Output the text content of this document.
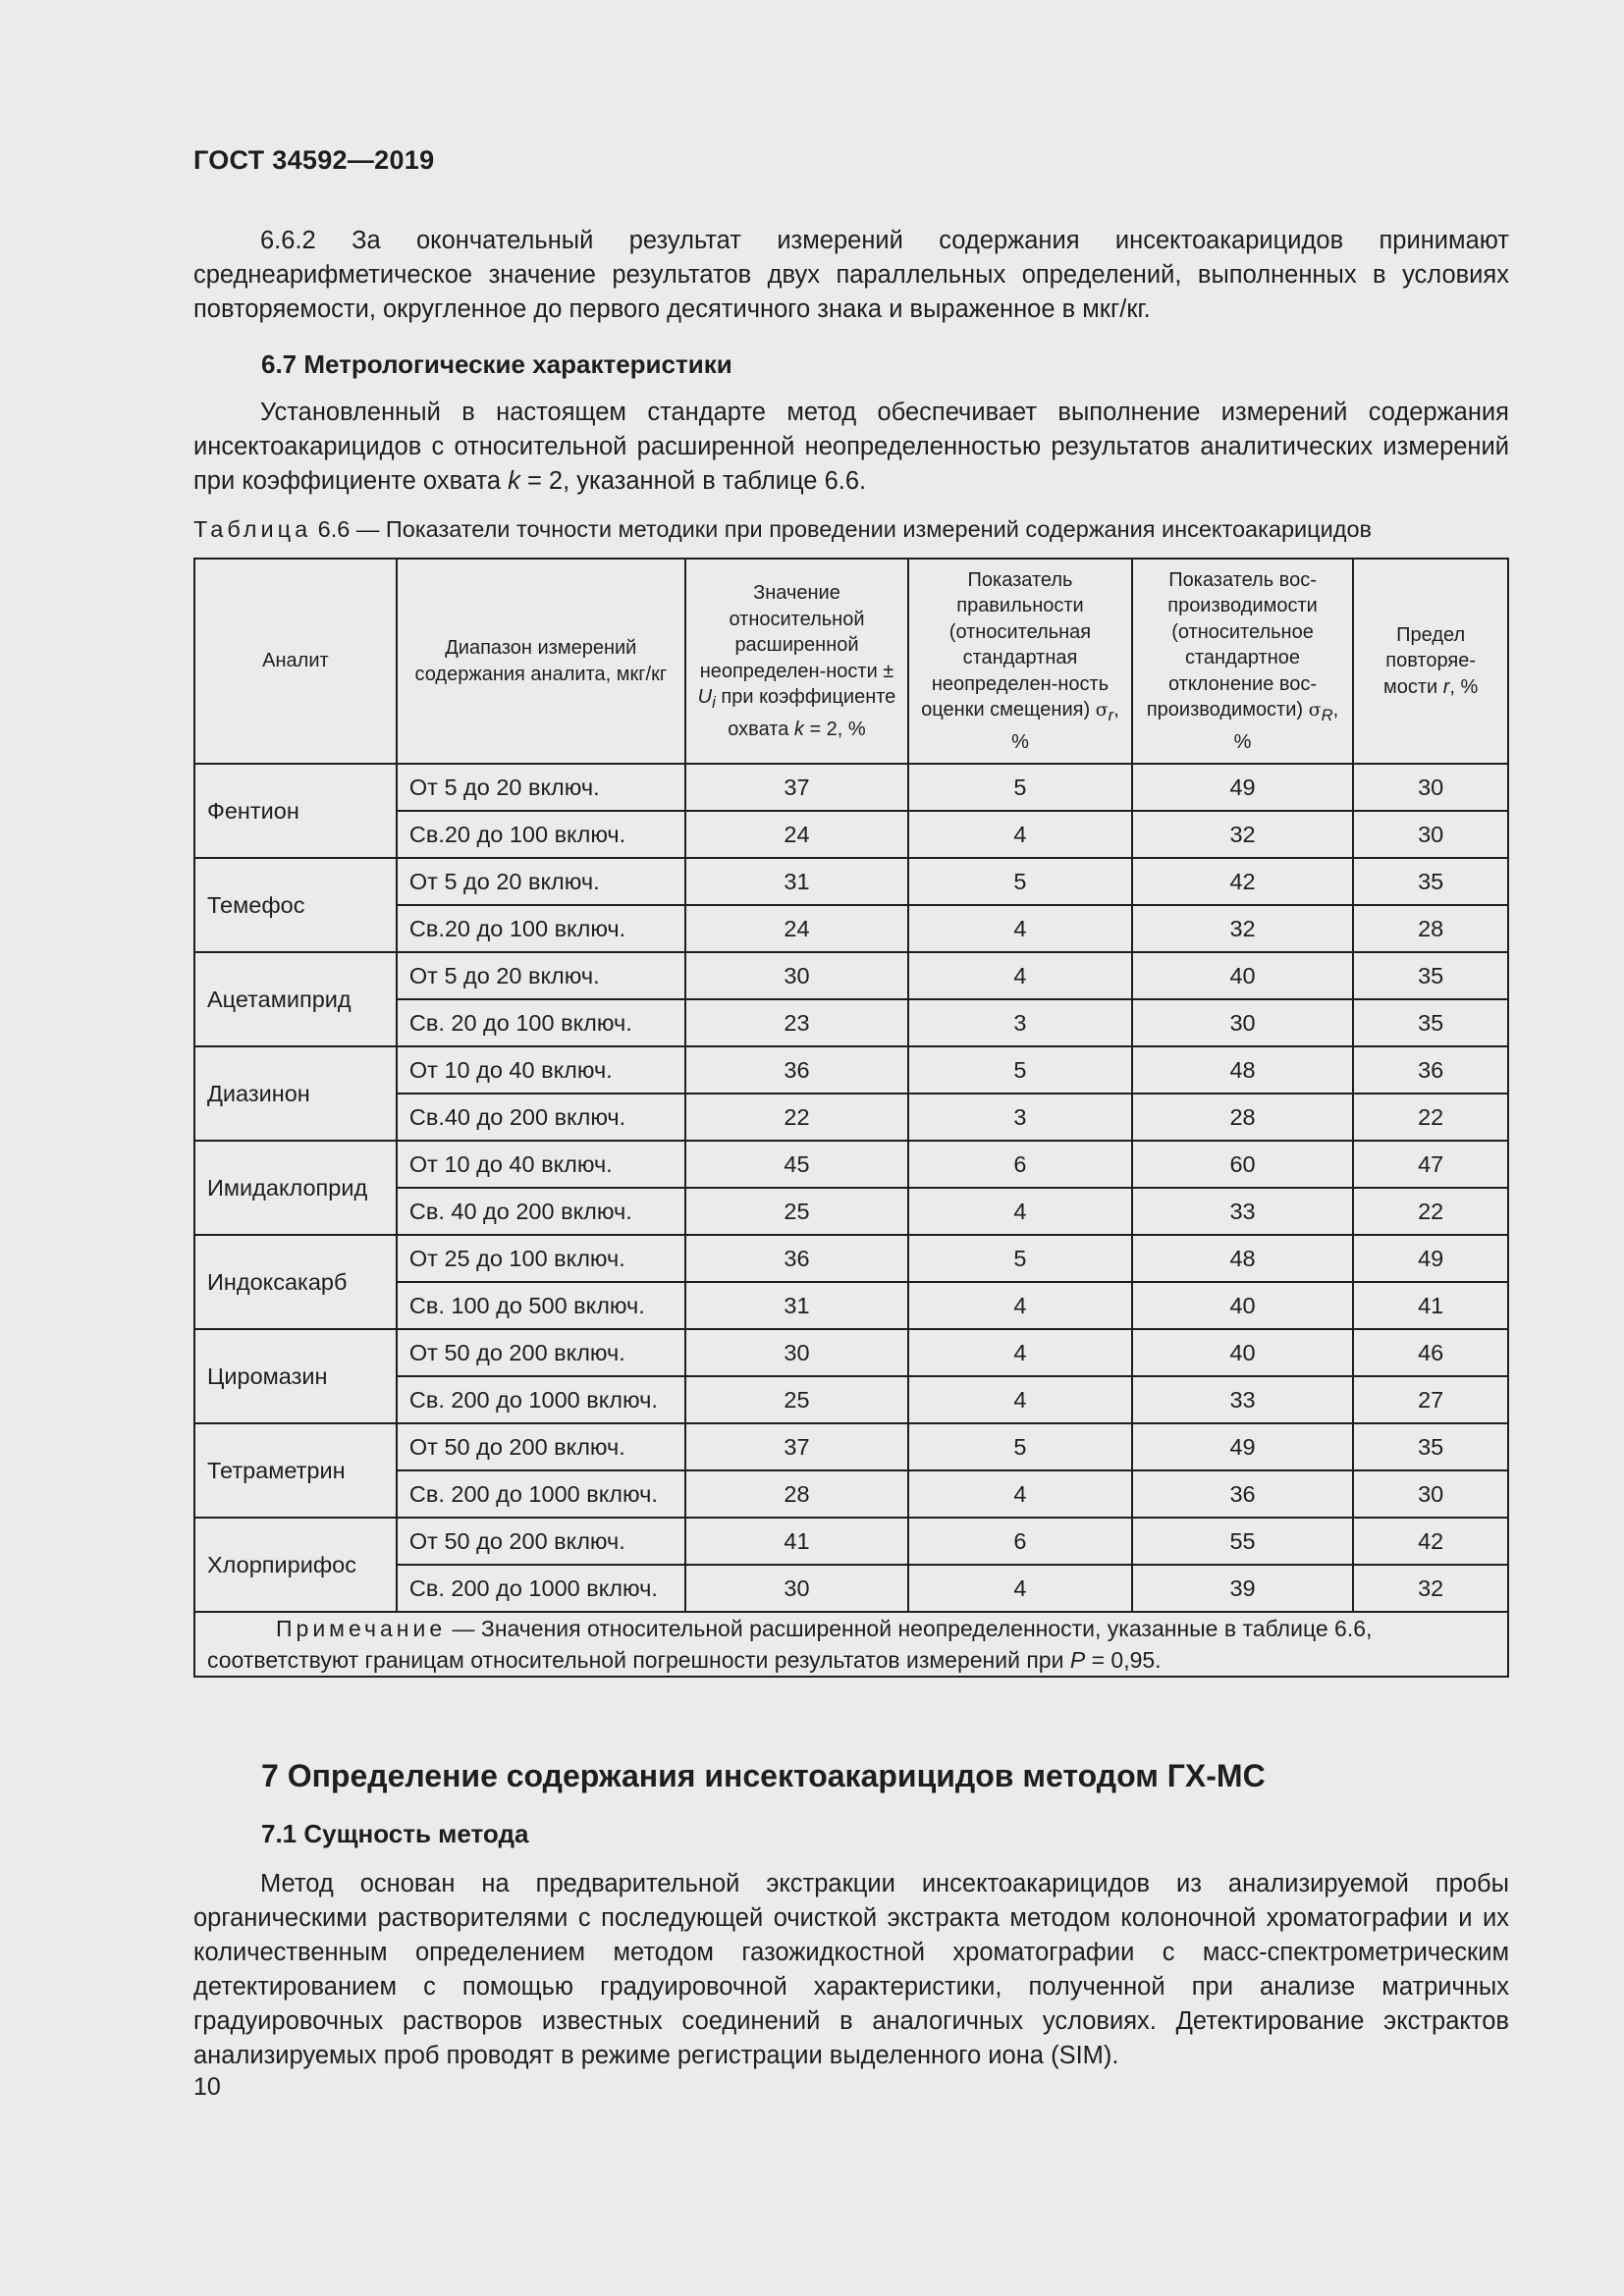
ГОСТ 34592—2019

6.6.2 За окончательный результат измерений содержания инсектоакарицидов принимают среднеарифметическое значение результатов двух параллельных определений, выполненных в условиях повторяемости, округленное до первого десятичного знака и выраженное в мкг/кг.

6.7 Метрологические характеристики

Установленный в настоящем стандарте метод обеспечивает выполнение измерений содержания инсектоакарицидов с относительной расширенной неопределенностью результатов аналитических измерений при коэффициенте охвата k = 2, указанной в таблице 6.6.

Таблица 6.6 — Показатели точности методики при проведении измерений содержания инсектоакарицидов
Аналит	Диапазон измерений содержания аналита, мкг/кг	Значение относительной расширенной неопределен-ности ± $U_i$ при коэффициенте охвата k = 2, %	Показатель правильности (относительная стандартная неопределен-ность оценки смещения) $\sigma_r$, %	Показатель вос-производимости (относительное стандартное отклонение вос-производимости) $\sigma_R$, %	Предел повторяе-мости r, %
Фентион	От 5 до 20 включ.	37	5	49	30
	Св.20 до 100 включ.	24	4	32	30
Темефос	От 5 до 20 включ.	31	5	42	35
	Св.20 до 100 включ.	24	4	32	28
Ацетамиприд	От 5 до 20 включ.	30	4	40	35
	Св. 20 до 100 включ.	23	3	30	35
Диазинон	От 10 до 40 включ.	36	5	48	36
	Св.40 до 200 включ.	22	3	28	22
Имидаклоприд	От 10 до 40 включ.	45	6	60	47
	Св. 40 до 200 включ.	25	4	33	22
Индоксакарб	От 25 до 100 включ.	36	5	48	49
	Св. 100 до 500 включ.	31	4	40	41
Циромазин	От 50 до 200 включ.	30	4	40	46
	Св. 200 до 1000 включ.	25	4	33	27
Тетраметрин	От 50 до 200 включ.	37	5	49	35
	Св. 200 до 1000 включ.	28	4	36	30
Хлорпирифос	От 50 до 200 включ.	41	6	55	42
	Св. 200 до 1000 включ.	30	4	39	32
Примечание — Значения относительной расширенной неопределенности, указанные в таблице 6.6, соответствуют границам относительной погрешности результатов измерений при P = 0,95.					
7 Определение содержания инсектоакарицидов методом ГХ-МС
7.1 Сущность метода

Метод основан на предварительной экстракции инсектоакарицидов из анализируемой пробы органическими растворителями с последующей очисткой экстракта методом колоночной хроматографии и их количественным определением методом газожидкостной хроматографии с масс-спектрометрическим детектированием с помощью градуировочной характеристики, полученной при анализе матричных градуировочных растворов известных соединений в аналогичных условиях. Детектирование экстрактов анализируемых проб проводят в режиме регистрации выделенного иона (SIM).

10
